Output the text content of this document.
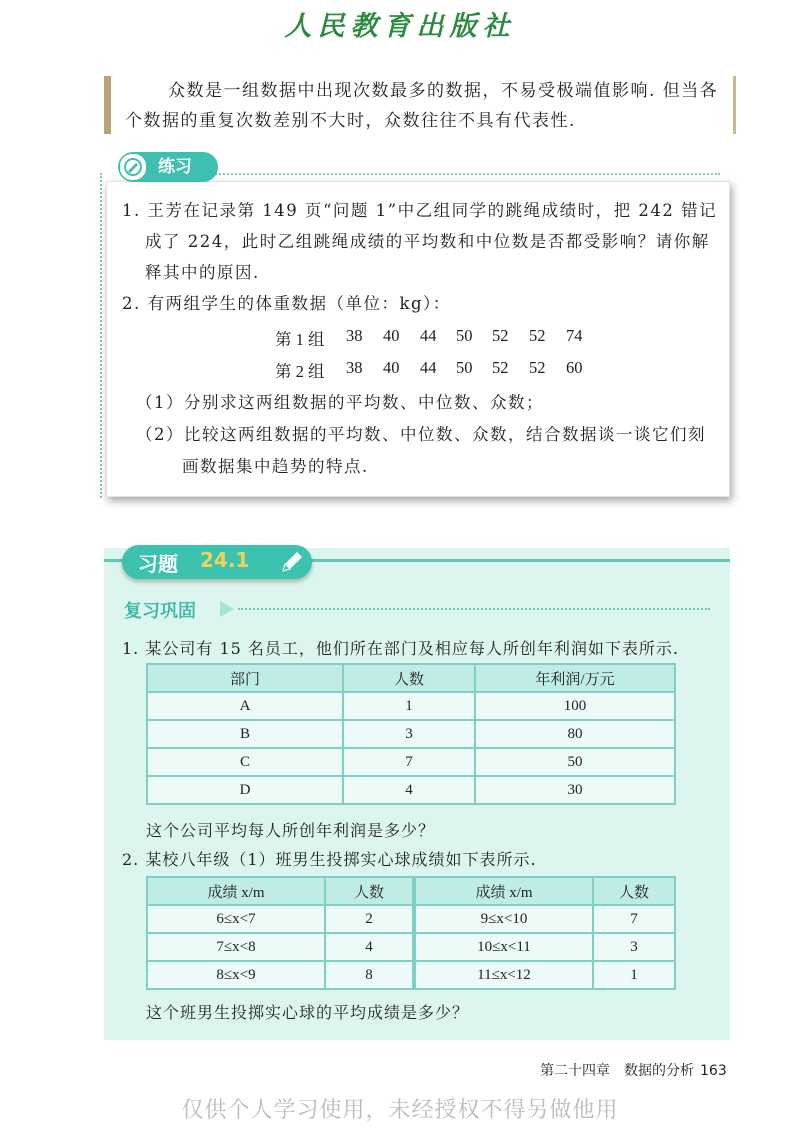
人民教育出版社

众数是一组数据中出现次数最多的数据，不易受极端值影响. 但当各

个数据的重复次数差别不大时，众数往往不具有代表性.

练习
1. 王芳在记录第 149 页“问题 1”中乙组同学的跳绳成绩时，把 242 错记
成了 224，此时乙组跳绳成绩的平均数和中位数是否都受影响？请你解
释其中的原因.
2. 有两组学生的体重数据（单位：kg）：
第 1 组 38 40 44 50 52 52 74
第 2 组 38 40 44 50 52 52 60
（1）分别求这两组数据的平均数、中位数、众数；
（2）比较这两组数据的平均数、中位数、众数，结合数据谈一谈它们刻
画数据集中趋势的特点.
习题 24.1
复习巩固
1. 某公司有 15 名员工，他们所在部门及相应每人所创年利润如下表所示.
部门	人数	年利润/万元
A	1	100
B	3	80
C	7	50
D	4	30
这个公司平均每人所创年利润是多少？
2. 某校八年级（1）班男生投掷实心球成绩如下表所示.
成绩 x/m	人数	成绩 x/m	人数
6≤x<7	2	9≤x<10	7
7≤x<8	4	10≤x<11	3
8≤x<9	8	11≤x<12	1
这个班男生投掷实心球的平均成绩是多少？
第二十四章　数据的分析 163
仅供个人学习使用，未经授权不得另做他用
